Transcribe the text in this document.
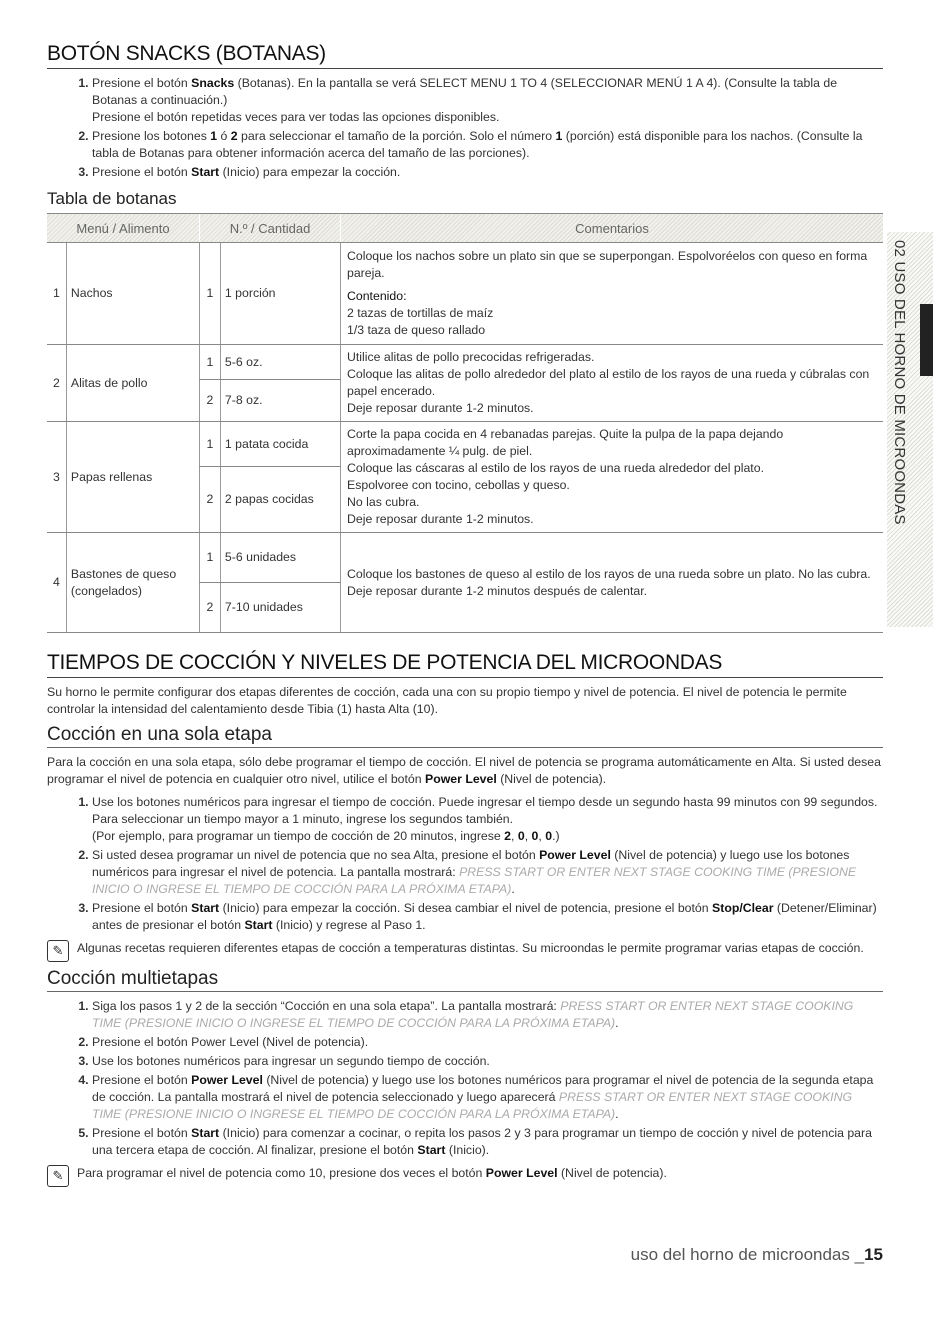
BOTÓN SNACKS (BOTANAS)
1. Presione el botón Snacks (Botanas). En la pantalla se verá SELECT MENU 1 TO 4 (SELECCIONAR MENÚ 1 A 4). (Consulte la tabla de Botanas a continuación.)
Presione el botón repetidas veces para ver todas las opciones disponibles.
2. Presione los botones 1 ó 2 para seleccionar el tamaño de la porción. Solo el número 1 (porción) está disponible para los nachos. (Consulte la tabla de Botanas para obtener información acerca del tamaño de las porciones).
3. Presione el botón Start (Inicio) para empezar la cocción.
Tabla de botanas
Menú / Alimento		N.º / Cantidad		Comentarios
1	Nachos	1	1 porción	Coloque los nachos sobre un plato sin que se superpongan. Espolvoréelos con queso en forma pareja.
Contenido:
2 tazas de tortillas de maíz
1/3 taza de queso rallado

2	Alitas de pollo	1	5-6 oz.	Utilice alitas de pollo precocidas refrigeradas.
Coloque las alitas de pollo alrededor del plato al estilo de los rayos de una rueda y cúbralas con papel encerado.
Deje reposar durante 1-2 minutos.

		2	7-8 oz.	
3	Papas rellenas	1	1 patata cocida	Corte la papa cocida en 4 rebanadas parejas. Quite la pulpa de la papa dejando aproximadamente ¼ pulg. de piel.
Coloque las cáscaras al estilo de los rayos de una rueda alrededor del plato.
Espolvoree con tocino, cebollas y queso.
No las cubra.
Deje reposar durante 1-2 minutos.

		2	2 papas cocidas	
4	Bastones de queso (congelados)	1	5-6 unidades	Coloque los bastones de queso al estilo de los rayos de una rueda sobre un plato. No las cubra.
Deje reposar durante 1-2 minutos después de calentar.

		2	7-10 unidades	
TIEMPOS DE COCCIÓN Y NIVELES DE POTENCIA DEL MICROONDAS

Su horno le permite configurar dos etapas diferentes de cocción, cada una con su propio tiempo y nivel de potencia. El nivel de potencia le permite controlar la intensidad del calentamiento desde Tibia (1) hasta Alta (10).

Cocción en una sola etapa

Para la cocción en una sola etapa, sólo debe programar el tiempo de cocción. El nivel de potencia se programa automáticamente en Alta. Si usted desea programar el nivel de potencia en cualquier otro nivel, utilice el botón Power Level (Nivel de potencia).

1. Use los botones numéricos para ingresar el tiempo de cocción. Puede ingresar el tiempo desde un segundo hasta 99 minutos con 99 segundos. Para seleccionar un tiempo mayor a 1 minuto, ingrese los segundos también.
(Por ejemplo, para programar un tiempo de cocción de 20 minutos, ingrese 2, 0, 0, 0.)
2. Si usted desea programar un nivel de potencia que no sea Alta, presione el botón Power Level (Nivel de potencia) y luego use los botones numéricos para ingresar el nivel de potencia. La pantalla mostrará: PRESS START OR ENTER NEXT STAGE COOKING TIME (PRESIONE INICIO O INGRESE EL TIEMPO DE COCCIÓN PARA LA PRÓXIMA ETAPA).
3. Presione el botón Start (Inicio) para empezar la cocción. Si desea cambiar el nivel de potencia, presione el botón Stop/Clear (Detener/Eliminar) antes de presionar el botón Start (Inicio) y regrese al Paso 1.
✎	Algunas recetas requieren diferentes etapas de cocción a temperaturas distintas. Su microondas le permite programar varias etapas de cocción.

Cocción multietapas
1. Siga los pasos 1 y 2 de la sección “Cocción en una sola etapa”. La pantalla mostrará: PRESS START OR ENTER NEXT STAGE COOKING TIME (PRESIONE INICIO O INGRESE EL TIEMPO DE COCCIÓN PARA LA PRÓXIMA ETAPA).
2. Presione el botón Power Level (Nivel de potencia).
3. Use los botones numéricos para ingresar un segundo tiempo de cocción.
4. Presione el botón Power Level (Nivel de potencia) y luego use los botones numéricos para programar el nivel de potencia de la segunda etapa de cocción. La pantalla mostrará el nivel de potencia seleccionado y luego aparecerá PRESS START OR ENTER NEXT STAGE COOKING TIME (PRESIONE INICIO O INGRESE EL TIEMPO DE COCCIÓN PARA LA PRÓXIMA ETAPA).
5. Presione el botón Start (Inicio) para comenzar a cocinar, o repita los pasos 2 y 3 para programar un tiempo de cocción y nivel de potencia para una tercera etapa de cocción. Al finalizar, presione el botón Start (Inicio).
✎	Para programar el nivel de potencia como 10, presione dos veces el botón Power Level (Nivel de potencia).

02 USO DEL HORNO DE MICROONDAS
uso del horno de microondas _15
